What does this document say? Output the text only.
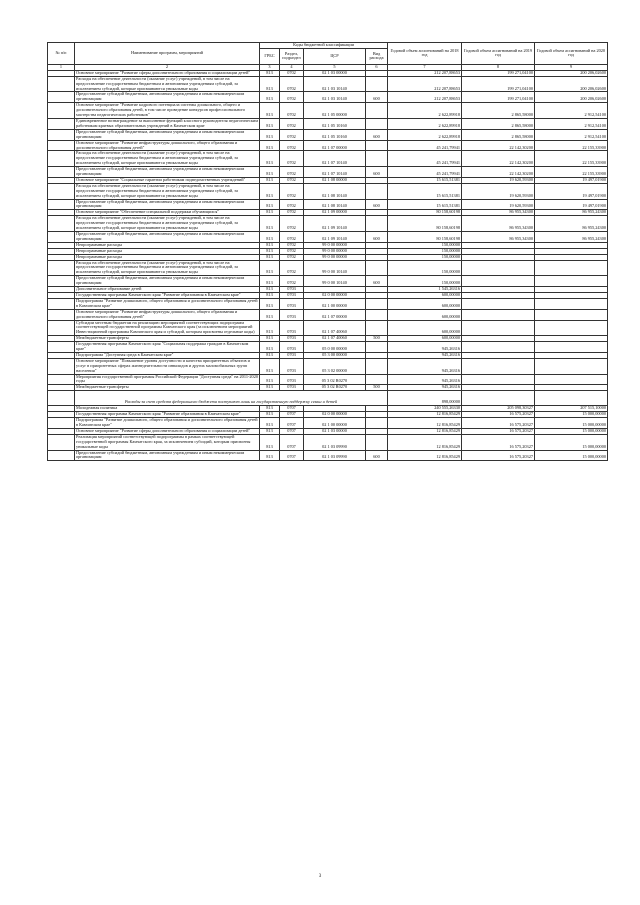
№ п/п	Наименование программ, мероприятий	Коды бюджетной классификации				Годовой объем ассигнований на 2018 год	Годовой объем ассигнований на 2019 год	Годовой объем ассигнований на 2020 год
		ГРБС	Раздел, подраздел	ЦСР	Вид расхода			
1	2	3	4	5	6	7	8	9
	Основное мероприятие "Развитие сферы дополнительного образования и социализации детей"	813	0702	02 1 03 00000		212 207,88653	199 271,04100	200 206,02600
	Расходы на обеспечение деятельности (оказание услуг) учреждений, в том числе на предоставление государственным бюджетным и автономным учреждениям субсидий, за исключением субсидий, которые присваиваются уникальные коды	813	0702	02 1 03 10140		212 207,88653	199 271,04100	200 206,02600
	Предоставление субсидий бюджетным, автономным учреждениям и иным некоммерческим организациям	813	0702	02 1 03 10140	600	212 207,88653	199 271,04100	200 206,02600
	Основное мероприятие "Развитие кадрового потенциала системы дошкольного, общего и дополнительного образования детей, в том числе проведение конкурсов профессионального мастерства педагогических работников"	813	0702	02 1 05 00000		2 622,89918	2 865,58000	2 912,54100
	Единовременное вознаграждение за выполнение функций классного руководителя педагогическим работникам краевых образовательных учреждений в Камчатском крае	813	0702	02 1 05 10160		2 622,89918	2 865,58000	2 912,54100
	Предоставление субсидий бюджетным, автономным учреждениям и иным некоммерческим организациям	813	0702	02 1 05 10160	600	2 622,89918	2 865,58000	2 912,54100
	Основное мероприятие "Развитие инфраструктуры дошкольного, общего образования и дополнительного образования детей"	813	0702	02 1 07 00000		45 241,79941	22 142,30200	22 155,33900
	Расходы на обеспечение деятельности (оказание услуг) учреждений, в том числе на предоставление государственным бюджетным и автономным учреждениям субсидий, за исключением субсидий, которые присваиваются уникальные коды	813	0702	02 1 07 10140		45 241,79941	22 142,30200	22 155,33900
	Предоставление субсидий бюджетным, автономным учреждениям и иным некоммерческим организациям	813	0702	02 1 07 10140	600	45 241,79941	22 142,30200	22 155,33900
	Основное мероприятие "Социальные гарантии работникам подведомственных учреждений"	813	0702	02 1 08 00000		15 615,51381	19 620,59300	19 497,01900
	Расходы на обеспечение деятельности (оказание услуг) учреждений, в том числе на предоставление государственным бюджетным и автономным учреждениям субсидий, за исключением субсидий, которые присваиваются уникальные коды	813	0702	02 1 08 10140		15 615,51381	19 620,59300	19 497,01900
	Предоставление субсидий бюджетным, автономным учреждениям и иным некоммерческим организациям	813	0702	02 1 08 10140	600	15 615,51381	19 620,59300	19 497,01900
	Основное мероприятие "Обеспечение специальной поддержки обучающихся"	813	0702	02 1 09 00000		80 158,60198	86 955,34300	86 955,24300
	Расходы на обеспечение деятельности (оказание услуг) учреждений, в том числе на предоставление государственным бюджетным и автономным учреждениям субсидий, за исключением субсидий, которые присваиваются уникальные коды	813	0702	02 1 09 10140		80 158,60198	86 955,34300	86 955,24300
	Предоставление субсидий бюджетным, автономным учреждениям и иным некоммерческим организациям	813	0702	02 1 09 10140	600	80 158,60198	86 955,34300	86 955,24300
	Непрограммные расходы	813	0702	99 0 00 00000		150,00000		
	Непрограммные расходы	813	0702	99 0 00 00000		150,00000		
	Непрограммные расходы	813	0702	99 0 00 00000		150,00000		
	Расходы на обеспечение деятельности (оказание услуг) учреждений, в том числе на предоставление государственным бюджетным и автономным учреждениям субсидий, за исключением субсидий, которые присваиваются уникальные коды	813	0702	99 0 00 10140		150,00000		
	Предоставление субсидий бюджетным, автономным учреждениям и иным некоммерческим организациям	813	0702	99 0 00 10140	600	150,00000		
	Дополнительное образование детей	813	0703			1 545,26316		
	Государственная программа Камчатского края "Развитие образования в Камчатском крае"	813	0703	02 0 00 00000		600,00000		
	Подпрограмма "Развитие дошкольного, общего образования и дополнительного образования детей в Камчатском крае"	813	0703	02 1 00 00000		600,00000		
	Основное мероприятие "Развитие инфраструктуры дошкольного, общего образования и дополнительного образования детей"	813	0703	02 1 07 00000		600,00000		
	Субсидии местным бюджетам на реализацию мероприятий соответствующих подпрограмм соответствующей государственной программы Камчатского края (за исключением мероприятий Инвестиционной программы Камчатского края и субсидий, которым присвоены отдельные коды)	813	0703	02 1 07 40060		600,00000		
	Межбюджетные трансферты	813	0703	02 1 07 40060	500	600,00000		
	Государственная программа Камчатского края "Социальная поддержка граждан в Камчатском крае"	813	0703	05 0 00 00000		945,26316		
	Подпрограмма "Доступная среда в Камчатском крае"	813	0703	05 3 00 00000		945,26316		
	Основное мероприятие "Повышение уровня доступности и качества приоритетных объектов и услуг в приоритетных сферах жизнедеятельности инвалидов и других маломобильных групп населения"	813	0703	05 3 02 00000		945,26316		
	Мероприятия государственной программы Российской Федерации "Доступная среда" на 2011-2020 годы	813	0703	05 3 02 R0270		945,26316		
	Межбюджетные трансферты	813	0703	05 3 02 R0270	500	945,26316		
	Расходы за счет средств федерального бюджета поступают лишь на государственную поддержку семьи и детей					898,00000		
	Молодежная политика	813	0707			240 555,26330	205 098,30327	207 515,10000
	Государственная программа Камчатского края "Развитие образования в Камчатском крае"	813	0707	02 0 00 00000		12 816,85429	16 575,20327	15 000,00000
	Подпрограмма "Развитие дошкольного, общего образования и дополнительного образования детей в Камчатском крае"	813	0707	02 1 00 00000		12 816,85429	16 575,20327	15 000,00000
	Основное мероприятие "Развитие сферы дополнительного образования и социализации детей"	813	0707	02 1 03 00000		12 816,85429	16 575,20327	15 000,00000
	Реализация мероприятий соответствующей подпрограммы в рамках соответствующей государственной программы Камчатского края, за исключением субсидий, которым присвоены уникальные коды	813	0707	02 1 03 09990		12 816,85429	16 575,20327	15 000,00000
	Предоставление субсидий бюджетным, автономным учреждениям и иным некоммерческим организациям	813	0707	02 1 03 09990	600	12 816,85429	16 575,20327	15 000,00000
3
